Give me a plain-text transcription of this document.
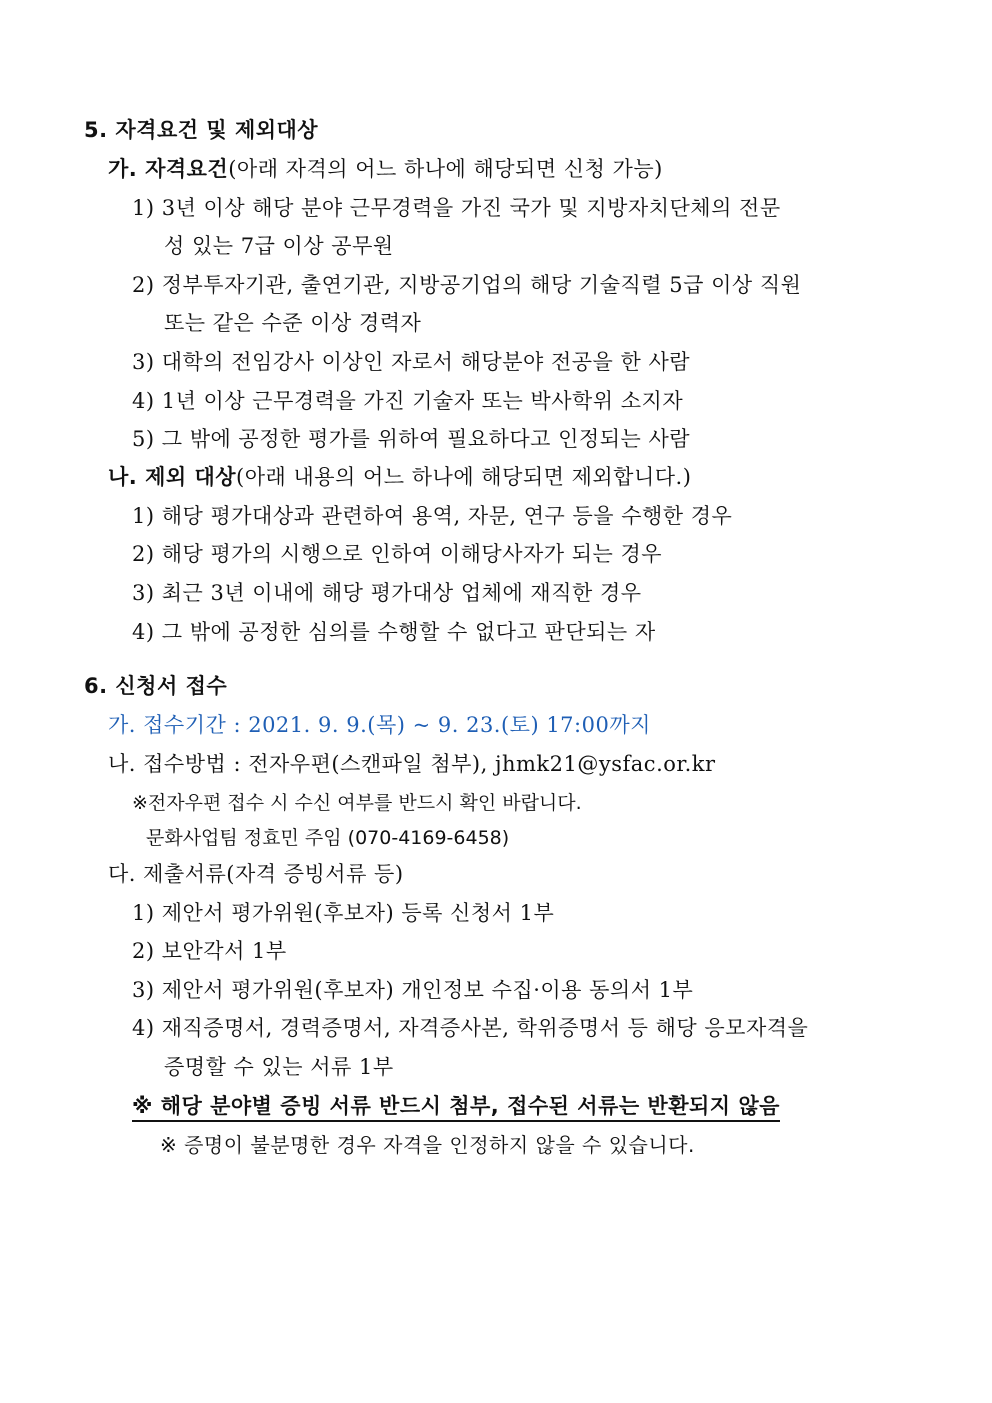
5. 자격요건 및 제외대상
가. 자격요건(아래 자격의 어느 하나에 해당되면 신청 가능)
1) 3년 이상 해당 분야 근무경력을 가진 국가 및 지방자치단체의 전문
성 있는 7급 이상 공무원
2) 정부투자기관, 출연기관, 지방공기업의 해당 기술직렬 5급 이상 직원
또는 같은 수준 이상 경력자
3) 대학의 전임강사 이상인 자로서 해당분야 전공을 한 사람
4) 1년 이상 근무경력을 가진 기술자 또는 박사학위 소지자
5) 그 밖에 공정한 평가를 위하여 필요하다고 인정되는 사람
나. 제외 대상(아래 내용의 어느 하나에 해당되면 제외합니다.)
1) 해당 평가대상과 관련하여 용역, 자문, 연구 등을 수행한 경우
2) 해당 평가의 시행으로 인하여 이해당사자가 되는 경우
3) 최근 3년 이내에 해당 평가대상 업체에 재직한 경우
4) 그 밖에 공정한 심의를 수행할 수 없다고 판단되는 자
6. 신청서 접수
가. 접수기간 : 2021. 9. 9.(목) ~ 9. 23.(토) 17:00까지
나. 접수방법 : 전자우편(스캔파일 첨부), jhmk21@ysfac.or.kr
※전자우편 접수 시 수신 여부를 반드시 확인 바랍니다.
문화사업팀 정효민 주임 (070-4169-6458)
다. 제출서류(자격 증빙서류 등)
1) 제안서 평가위원(후보자) 등록 신청서 1부
2) 보안각서 1부
3) 제안서 평가위원(후보자) 개인정보 수집·이용 동의서 1부
4) 재직증명서, 경력증명서, 자격증사본, 학위증명서 등 해당 응모자격을
증명할 수 있는 서류 1부
※ 해당 분야별 증빙 서류 반드시 첨부, 접수된 서류는 반환되지 않음
※ 증명이 불분명한 경우 자격을 인정하지 않을 수 있습니다.
